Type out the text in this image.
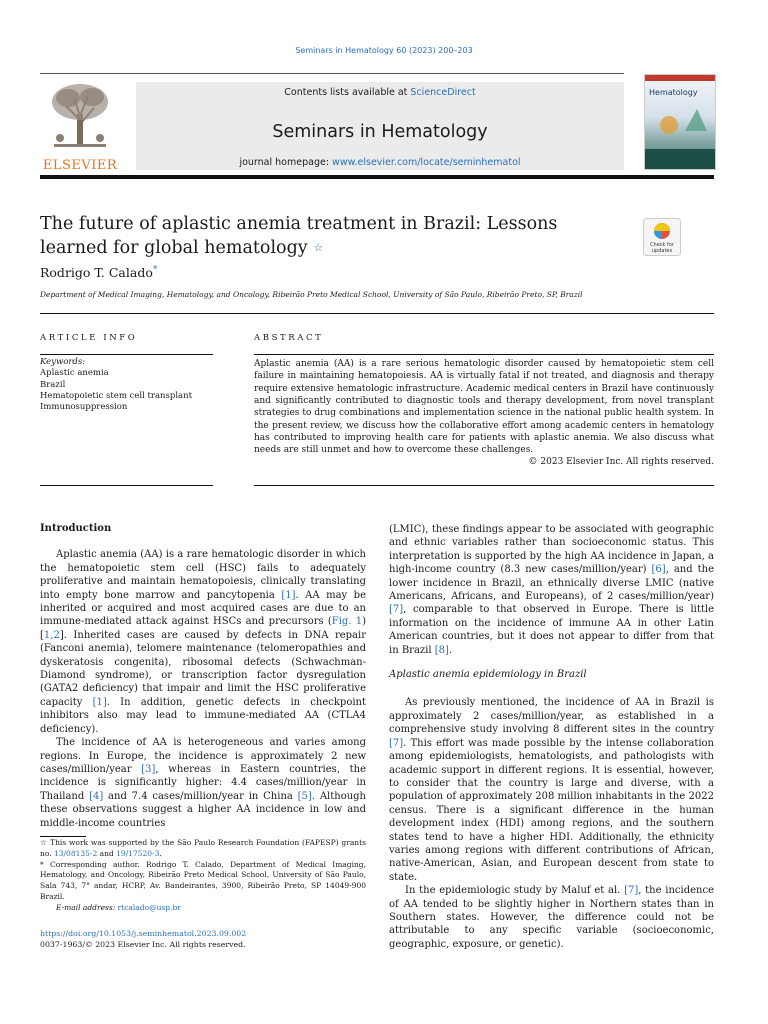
Seminars in Hematology 60 (2023) 200–203
ELSEVIER
Contents lists available at ScienceDirect
Seminars in Hematology
journal homepage: www.elsevier.com/locate/seminhematol
Hematology
The future of aplastic anemia treatment in Brazil: Lessons learned for global hematology ☆	Check for
updates
Rodrigo T. Calado*
Department of Medical Imaging, Hematology, and Oncology, Ribeirão Preto Medical School, University of São Paulo, Ribeirão Preto, SP, Brazil
ARTICLE INFO	ABSTRACT
Keywords:
Aplastic anemia
Brazil
Hematopoietic stem cell transplant
Immunosuppression

Aplastic anemia (AA) is a rare serious hematologic disorder caused by hematopoietic stem cell failure in maintaining hematopoiesis. AA is virtually fatal if not treated, and diagnosis and therapy require extensive hematologic infrastructure. Academic medical centers in Brazil have continuously and significantly contributed to diagnostic tools and therapy development, from novel transplant strategies to drug combinations and implementation science in the national public health system. In the present review, we discuss how the collaborative effort among academic centers in hematology has contributed to improving health care for patients with aplastic anemia. We also discuss what needs are still unmet and how to overcome these challenges.

© 2023 Elsevier Inc. All rights reserved.
Introduction

Aplastic anemia (AA) is a rare hematologic disorder in which the hematopoietic stem cell (HSC) fails to adequately proliferative and maintain hematopoiesis, clinically translating into empty bone marrow and pancytopenia [1]. AA may be inherited or acquired and most acquired cases are due to an immune-mediated attack against HSCs and precursors (Fig. 1) [1,2]. Inherited cases are caused by defects in DNA repair (Fanconi anemia), telomere maintenance (telomeropathies and dyskeratosis congenita), ribosomal defects (Schwachman-Diamond syndrome), or transcription factor dysregulation (GATA2 deficiency) that impair and limit the HSC proliferative capacity [1]. In addition, genetic defects in checkpoint inhibitors also may lead to immune-mediated AA (CTLA4 deficiency).

The incidence of AA is heterogeneous and varies among regions. In Europe, the incidence is approximately 2 new cases/million/year [3], whereas in Eastern countries, the incidence is significantly higher: 4.4 cases/million/year in Thailand [4] and 7.4 cases/million/year in China [5]. Although these observations suggest a higher AA incidence in low and middle-income countries

(LMIC), these findings appear to be associated with geographic and ethnic variables rather than socioeconomic status. This interpretation is supported by the high AA incidence in Japan, a high-income country (8.3 new cases/million/year) [6], and the lower incidence in Brazil, an ethnically diverse LMIC (native Americans, Africans, and Europeans), of 2 cases/million/year) [7], comparable to that observed in Europe. There is little information on the incidence of immune AA in other Latin American countries, but it does not appear to differ from that in Brazil [8].

Aplastic anemia epidemiology in Brazil

As previously mentioned, the incidence of AA in Brazil is approximately 2 cases/million/year, as established in a comprehensive study involving 8 different sites in the country [7]. This effort was made possible by the intense collaboration among epidemiologists, hematologists, and pathologists with academic support in different regions. It is essential, however, to consider that the country is large and diverse, with a population of approximately 208 million inhabitants in the 2022 census. There is a significant difference in the human development index (HDI) among regions, and the southern states tend to have a higher HDI. Additionally, the ethnicity varies among regions with different contributions of African, native-American, Asian, and European descent from state to state.

In the epidemiologic study by Maluf et al. [7], the incidence of AA tended to be slightly higher in Northern states than in Southern states. However, the difference could not be attributable to any specific variable (socioeconomic, geographic, exposure, or genetic).

☆ This work was supported by the São Paulo Research Foundation (FAPESP) grants no. 13/08135-2 and 19/17520-3.

* Corresponding author. Rodrigo T. Calado, Department of Medical Imaging, Hematology, and Oncology, Ribeirão Preto Medical School, University of São Paulo, Sala 743, 7° andar, HCRP, Av. Bandeirantes, 3900, Ribeirão Preto, SP 14049-900 Brazil.

E-mail address: rtcalado@usp.br

https://doi.org/10.1053/j.seminhematol.2023.09.002
0037-1963/© 2023 Elsevier Inc. All rights reserved.
